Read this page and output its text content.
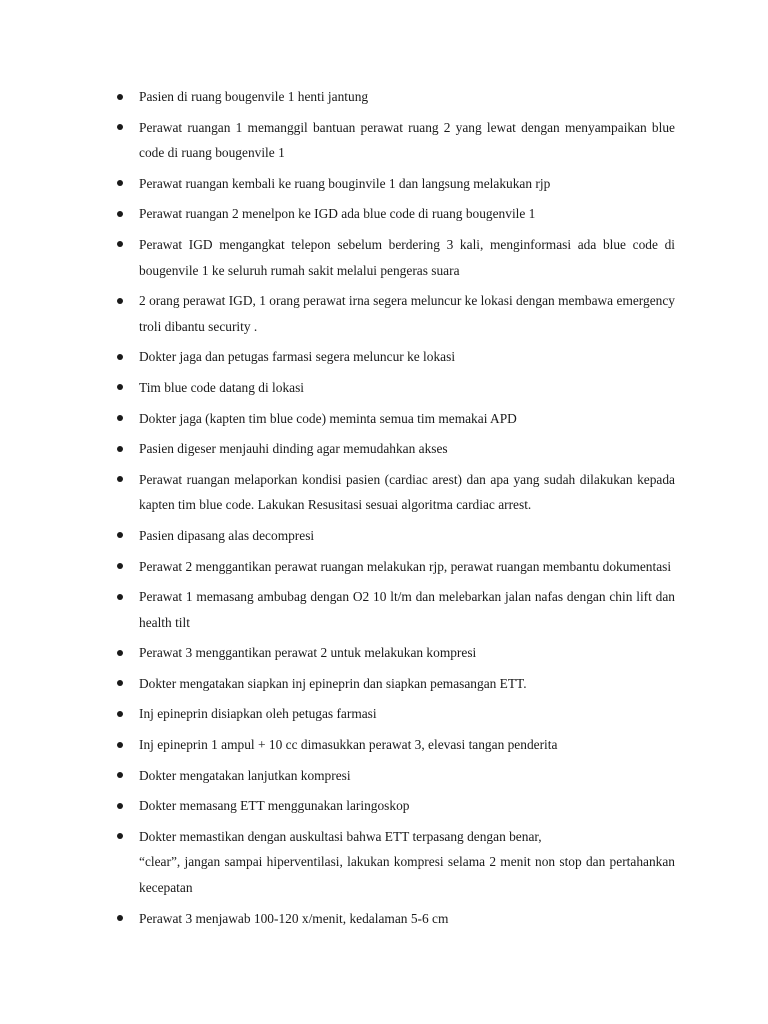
Pasien di ruang bougenvile 1 henti jantung
Perawat ruangan 1 memanggil bantuan perawat ruang 2 yang lewat dengan menyampaikan blue code di ruang bougenvile 1
Perawat ruangan kembali ke ruang bouginvile 1 dan langsung melakukan rjp
Perawat ruangan 2 menelpon ke IGD ada blue code di ruang bougenvile 1
Perawat IGD mengangkat telepon sebelum berdering 3 kali, menginformasi ada blue code di bougenvile 1 ke seluruh rumah sakit melalui pengeras suara
2 orang perawat IGD, 1 orang perawat irna segera meluncur ke lokasi dengan membawa emergency troli dibantu security .
Dokter jaga dan petugas farmasi segera meluncur ke lokasi
Tim blue code datang di lokasi
Dokter jaga (kapten tim blue code) meminta semua tim memakai APD
Pasien digeser menjauhi dinding agar memudahkan akses
Perawat ruangan melaporkan kondisi pasien (cardiac arest) dan apa yang sudah dilakukan kepada kapten tim blue code. Lakukan Resusitasi sesuai algoritma cardiac arrest.
Pasien dipasang alas decompresi
Perawat 2 menggantikan perawat ruangan melakukan rjp, perawat ruangan membantu dokumentasi
Perawat 1 memasang ambubag dengan O2 10 lt/m dan melebarkan jalan nafas dengan chin lift dan health tilt
Perawat 3 menggantikan perawat 2 untuk melakukan kompresi
Dokter mengatakan siapkan inj epineprin dan siapkan pemasangan ETT.
Inj epineprin disiapkan oleh petugas farmasi
Inj epineprin 1 ampul + 10 cc dimasukkan perawat 3, elevasi tangan penderita
Dokter mengatakan lanjutkan kompresi
Dokter memasang ETT menggunakan laringoskop
Dokter memastikan dengan auskultasi bahwa ETT terpasang dengan benar,
“clear”, jangan sampai hiperventilasi, lakukan kompresi selama 2 menit non stop dan pertahankan kecepatan
Perawat 3 menjawab 100-120 x/menit, kedalaman 5-6 cm
